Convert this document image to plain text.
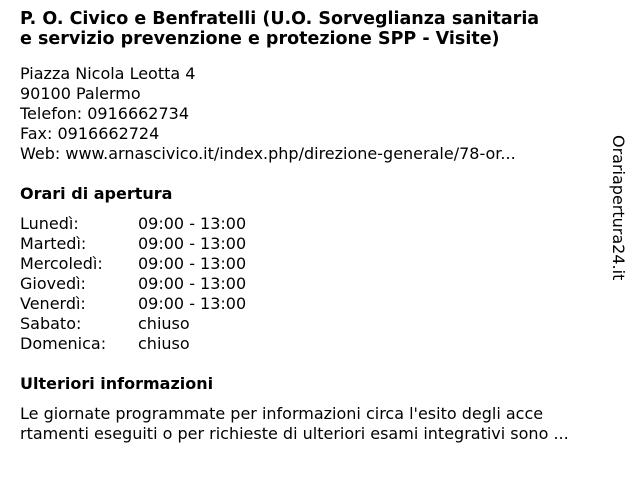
P. O. Civico e Benfratelli (U.O. Sorveglianza sanitaria
e servizio prevenzione e protezione SPP - Visite)
Piazza Nicola Leotta 4
90100 Palermo
Telefon: 0916662734
Fax: 0916662724
Web: www.arnascivico.it/index.php/direzione-generale/78-or...
Orari di apertura
Lunedì:	09:00 - 13:00
Martedì:	09:00 - 13:00
Mercoledì:	09:00 - 13:00
Giovedì:	09:00 - 13:00
Venerdì:	09:00 - 13:00
Sabato:	chiuso
Domenica:	chiuso
Ulteriori informazioni
Le giornate programmate per informazioni circa l'esito degli acce
rtamenti eseguiti o per richieste di ulteriori esami integrativi sono ...
Orariapertura24.it
